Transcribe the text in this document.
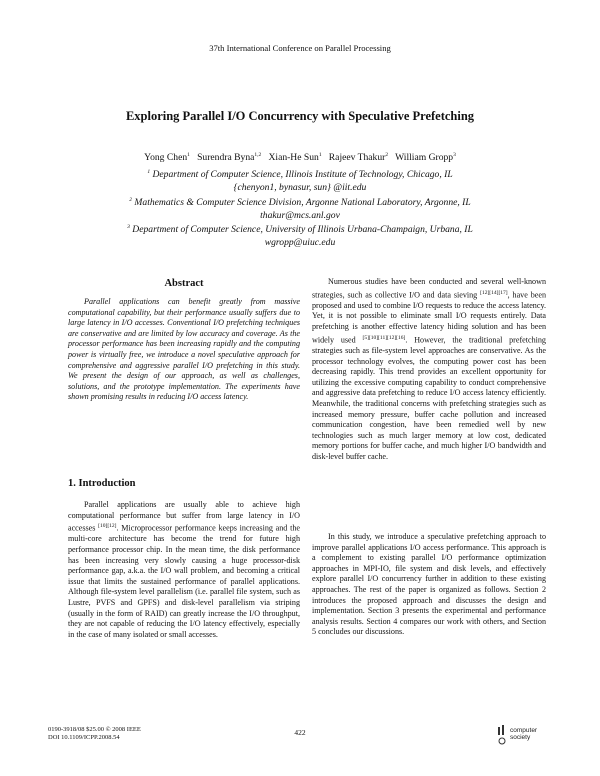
37th International Conference on Parallel Processing
Exploring Parallel I/O Concurrency with Speculative Prefetching
Yong Chen$^1$ Surendra Byna$^{1,2}$ Xian-He Sun$^1$ Rajeev Thakur$^2$ William Gropp$^3$
$^1$ Department of Computer Science, Illinois Institute of Technology, Chicago, IL
{chenyon1, bynasur, sun} @iit.edu
$^2$ Mathematics & Computer Science Division, Argonne National Laboratory, Argonne, IL
thakur@mcs.anl.gov
$^3$ Department of Computer Science, University of Illinois Urbana-Champaign, Urbana, IL
wgropp@uiuc.edu
Abstract
Parallel applications can benefit greatly from massive computational capability, but their performance usually suffers due to large latency in I/O accesses. Conventional I/O prefetching techniques are conservative and are limited by low accuracy and coverage. As the processor performance has been increasing rapidly and the computing power is virtually free, we introduce a novel speculative approach for comprehensive and aggressive parallel I/O prefetching in this study. We present the design of our approach, as well as challenges, solutions, and the prototype implementation. The experiments have shown promising results in reducing I/O access latency.
1. Introduction
Parallel applications are usually able to achieve high computational performance but suffer from large latency in I/O accesses [10][12]. Microprocessor performance keeps increasing and the multi-core architecture has become the trend for future high performance processor chip. In the mean time, the disk performance has been increasing very slowly causing a huge processor-disk performance gap, a.k.a. the I/O wall problem, and becoming a critical issue that limits the sustained performance of parallel applications. Although file-system level parallelism (i.e. parallel file system, such as Lustre, PVFS and GPFS) and disk-level parallelism via striping (usually in the form of RAID) can greatly increase the I/O throughput, they are not capable of reducing the I/O latency effectively, especially in the case of many isolated or small accesses.
Numerous studies have been conducted and several well-known strategies, such as collective I/O and data sieving [12][14][17], have been proposed and used to combine I/O requests to reduce the access latency. Yet, it is not possible to eliminate small I/O requests entirely. Data prefetching is another effective latency hiding solution and has been widely used [5][10][11][12][16]. However, the traditional prefetching strategies such as file-system level approaches are conservative. As the processor technology evolves, the computing power cost has been decreasing rapidly. This trend provides an excellent opportunity for utilizing the excessive computing capability to conduct comprehensive and aggressive data prefetching to reduce I/O access latency efficiently. Meanwhile, the traditional concerns with prefetching strategies such as increased memory pressure, buffer cache pollution and increased communication congestion, have been remedied well by new technologies such as much larger memory at low cost, dedicated memory portions for buffer cache, and much higher I/O bandwidth and disk-level buffer cache.
In this study, we introduce a speculative prefetching approach to improve parallel applications I/O access performance. This approach is a complement to existing parallel I/O performance optimization approaches in MPI-IO, file system and disk levels, and effectively explore parallel I/O concurrency further in addition to these existing approaches. The rest of the paper is organized as follows. Section 2 introduces the proposed approach and discusses the design and implementation. Section 3 presents the experimental and performance analysis results. Section 4 compares our work with others, and Section 5 concludes our discussions.
0190-3918/08 $25.00 © 2008 IEEE
DOI 10.1109/ICPP.2008.54
422	computer
society
